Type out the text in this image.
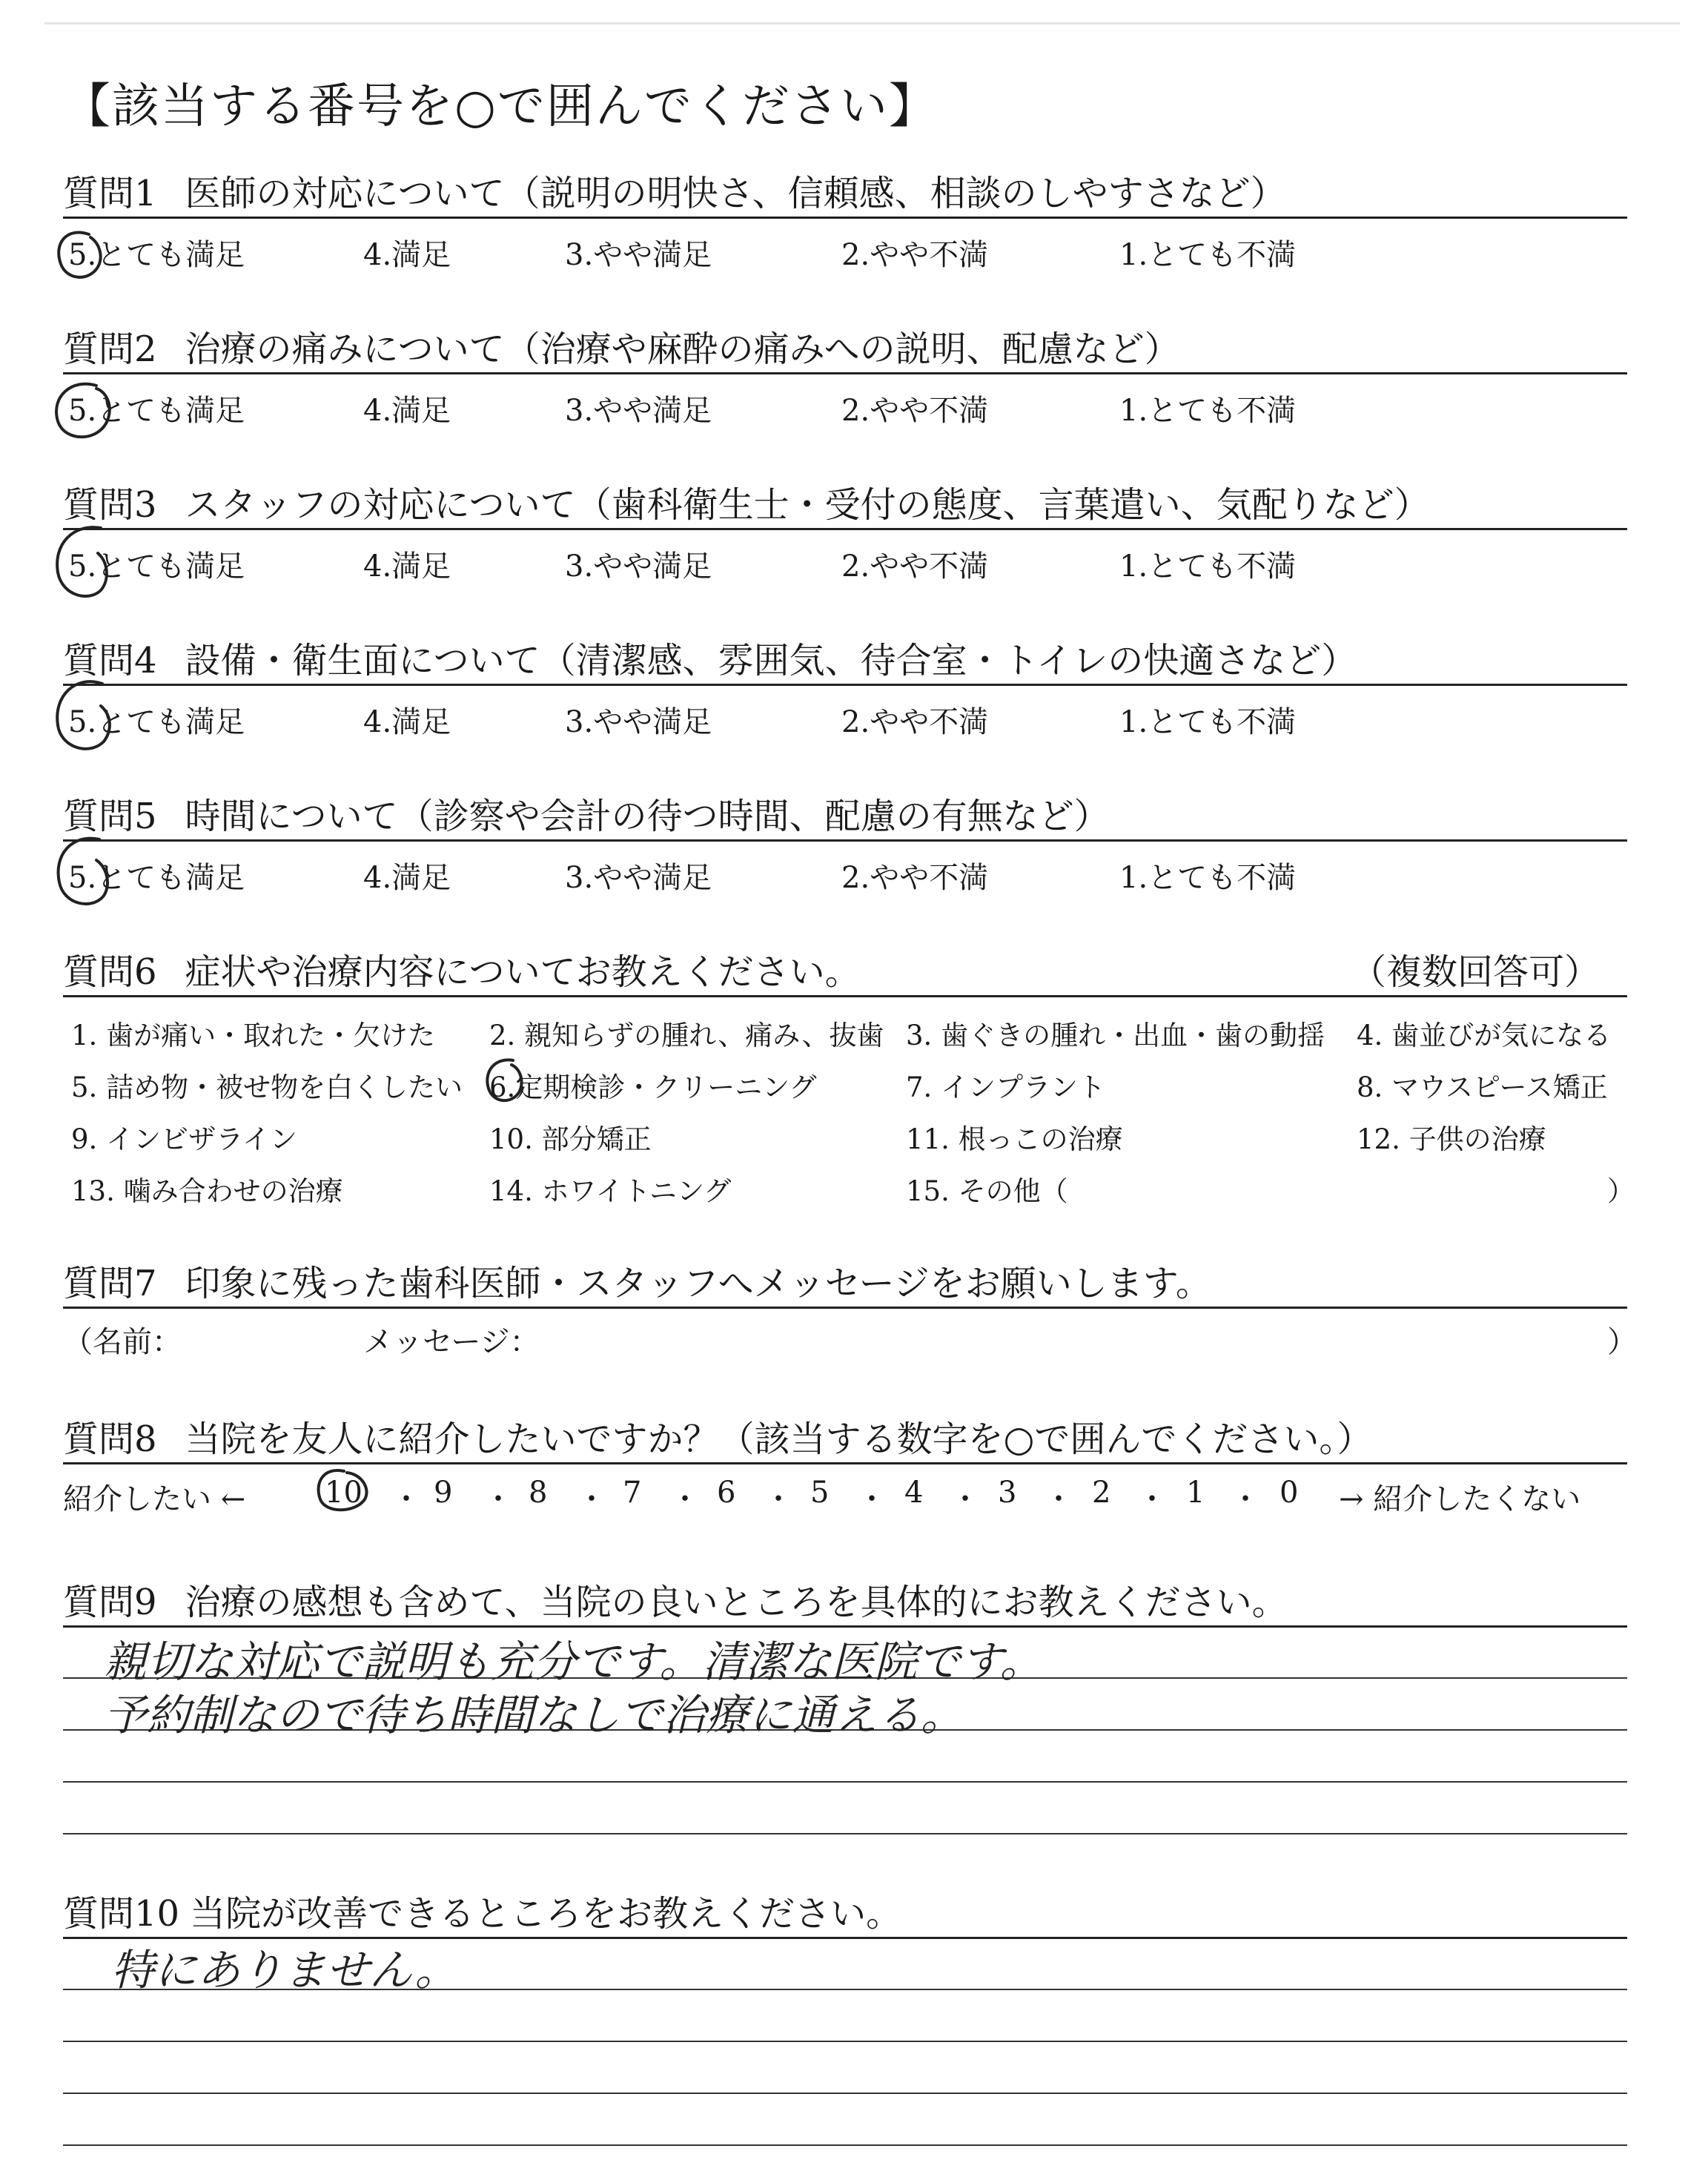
【該当する番号を○で囲んでください】
質問1 医師の対応について（説明の明快さ、信頼感、相談のしやすさなど）
5.とても満足	4.満足	3.やや満足	2.やや不満	1.とても不満
質問2 治療の痛みについて（治療や麻酔の痛みへの説明、配慮など）
5.とても満足	4.満足	3.やや満足	2.やや不満	1.とても不満
質問3 スタッフの対応について（歯科衛生士・受付の態度、言葉遣い、気配りなど）
5.とても満足	4.満足	3.やや満足	2.やや不満	1.とても不満
質問4 設備・衛生面について（清潔感、雰囲気、待合室・トイレの快適さなど）
5.とても満足	4.満足	3.やや満足	2.やや不満	1.とても不満
質問5 時間について（診察や会計の待つ時間、配慮の有無など）
5.とても満足	4.満足	3.やや満足	2.やや不満	1.とても不満
質問6 症状や治療内容についてお教えください。	（複数回答可）
1. 歯が痛い・取れた・欠けた 2. 親知らずの腫れ、痛み、抜歯 3. 歯ぐきの腫れ・出血・歯の動揺 4. 歯並びが気になる
5. 詰め物・被せ物を白くしたい 6.定期検診・クリーニング	7. インプラント	8. マウスピース矯正
9. インビザライン	10. 部分矯正	11. 根っこの治療	12. 子供の治療
13. 噛み合わせの治療	14. ホワイトニング	15. その他（	）
質問7 印象に残った歯科医師・スタッフへメッセージをお願いします。
（名前：	メッセージ：	）
質問8 当院を友人に紹介したいですか？（該当する数字を○で囲んでください。）
紹介したい ←	10 ・ 9 ・ 8 ・ 7 ・ 6 ・ 5 ・ 4 ・ 3 ・ 2 ・ 1 ・ 0 → 紹介したくない
質問9 治療の感想も含めて、当院の良いところを具体的にお教えください。
親切な対応で説明も充分です。清潔な医院です。
予約制なので待ち時間なしで治療に通える。
質問10 当院が改善できるところをお教えください。
特にありません。
